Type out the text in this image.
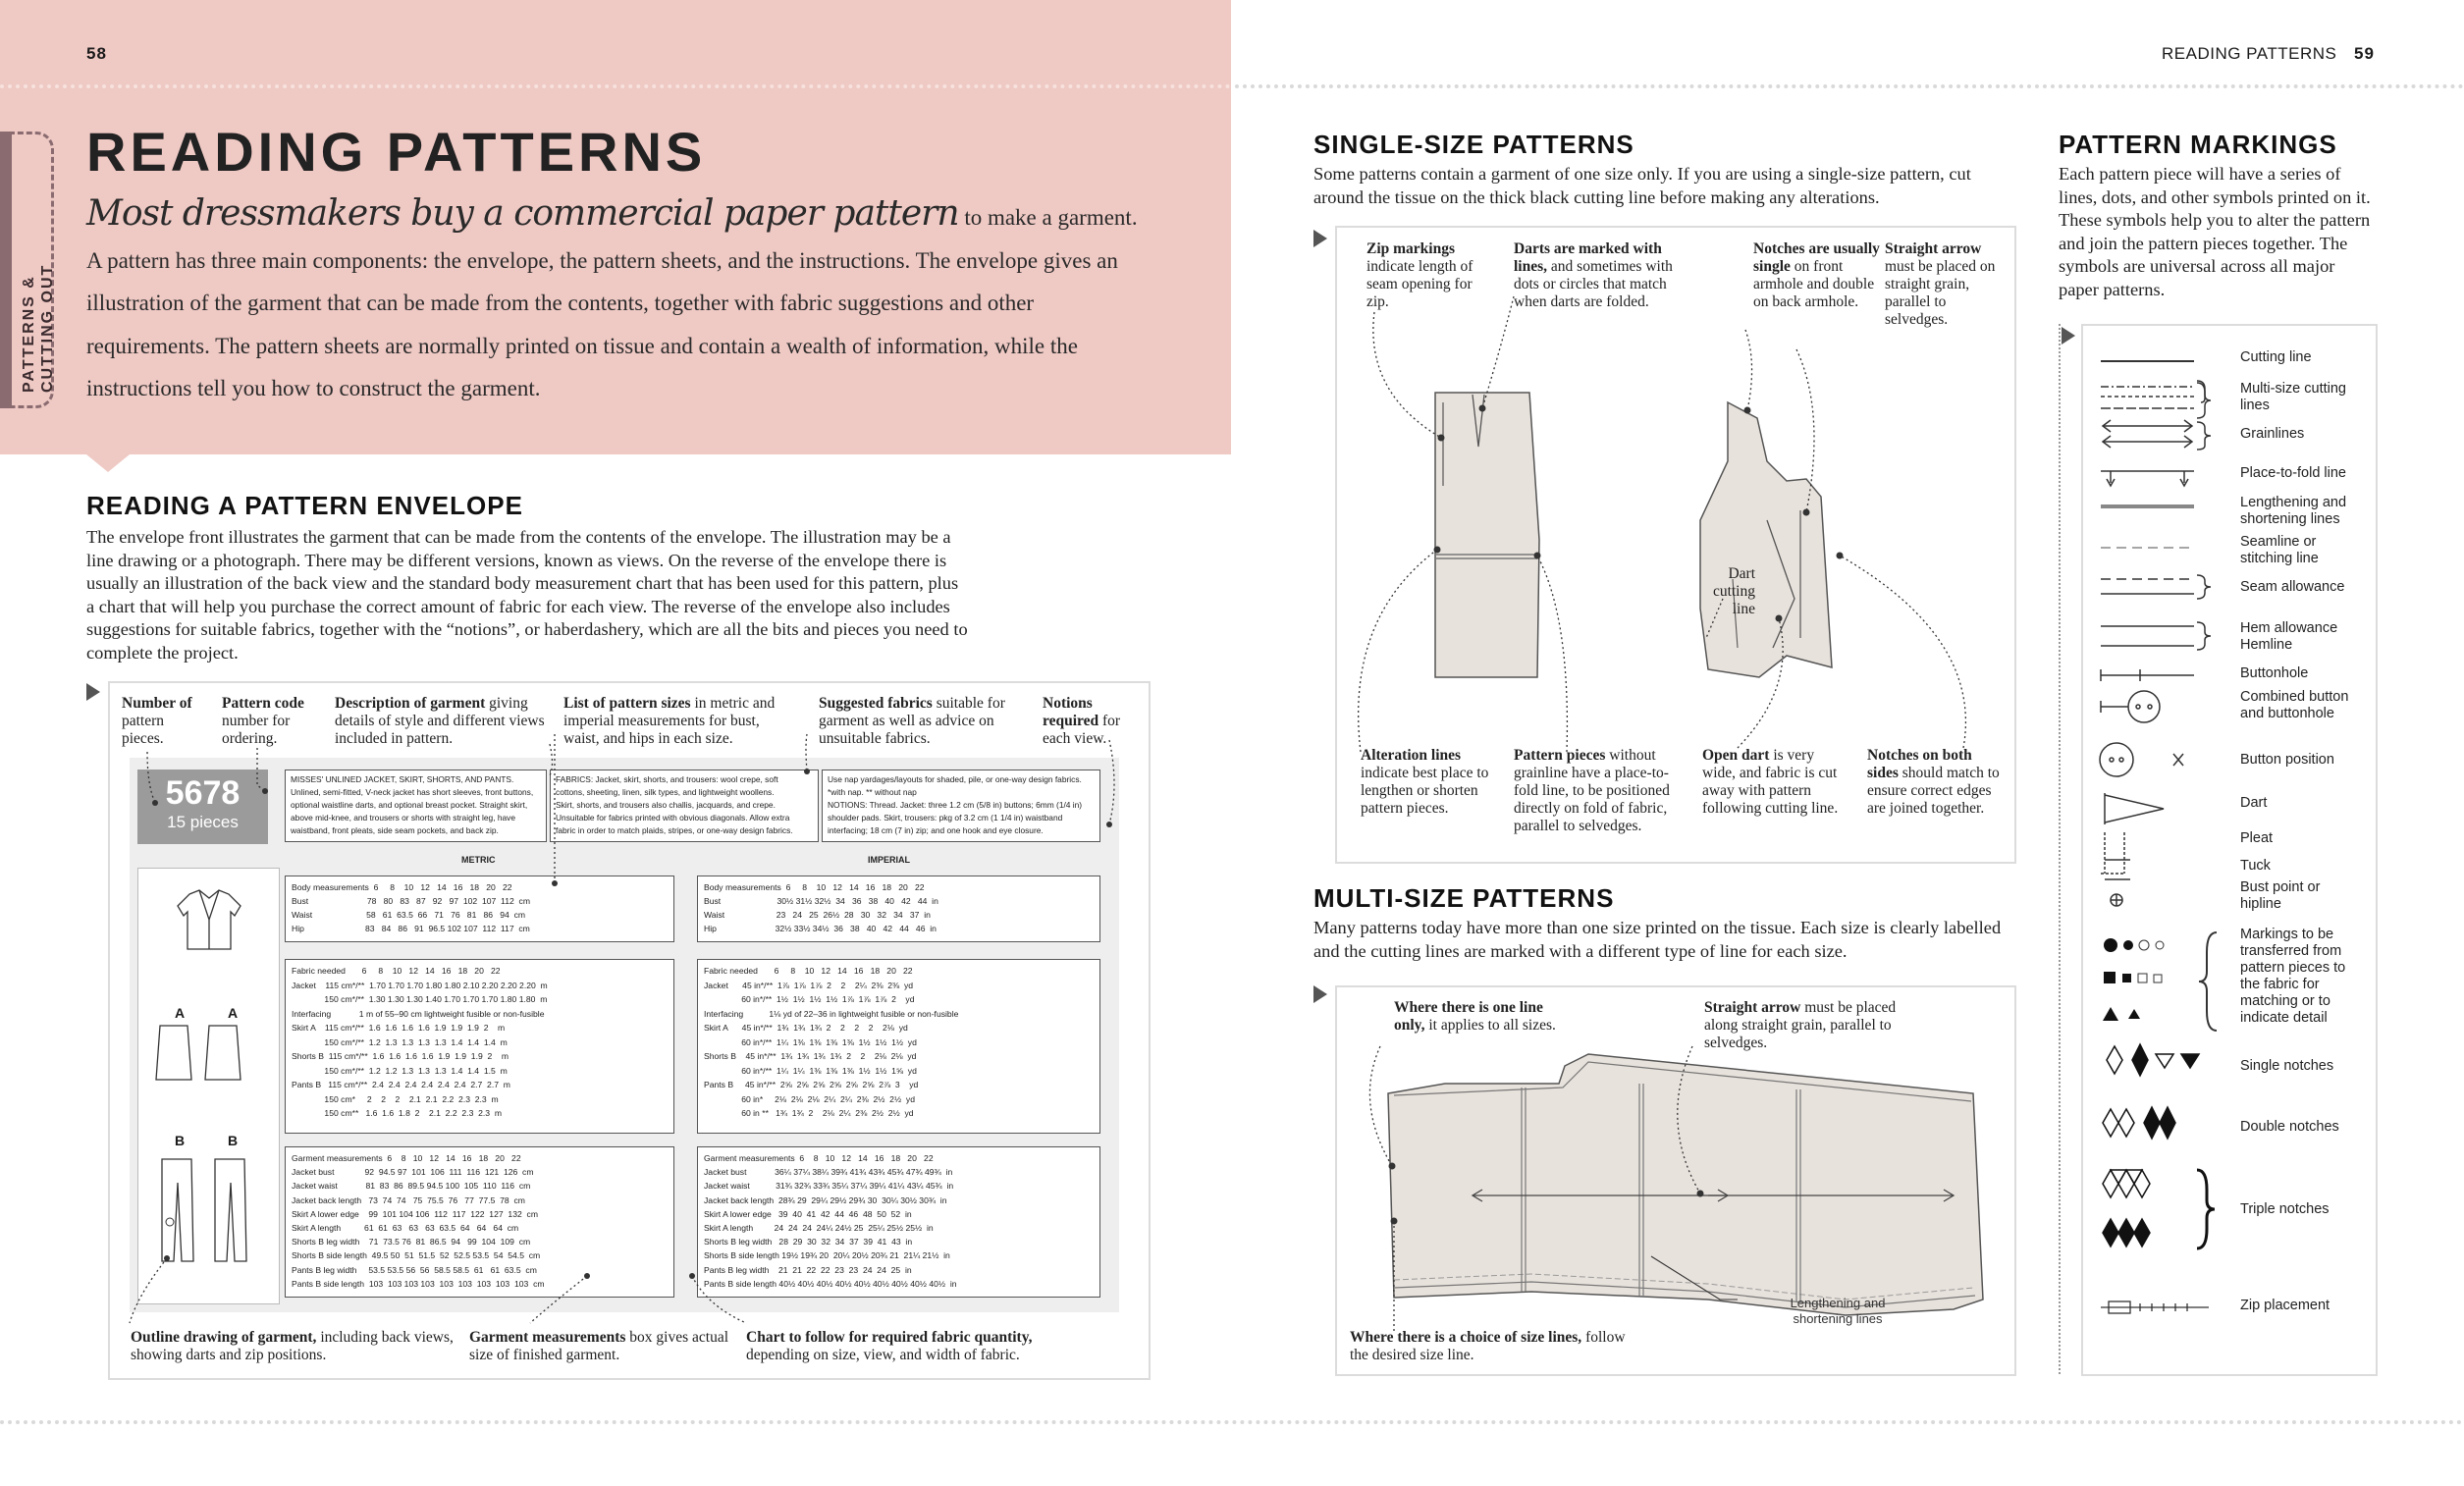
58
PATTERNS & CUTTING OUT
READING PATTERNS
Most dressmakers buy a commercial paper pattern to make a garment. A pattern has three main components: the envelope, the pattern sheets, and the instructions. The envelope gives an illustration of the garment that can be made from the contents, together with fabric suggestions and other requirements. The pattern sheets are normally printed on tissue and contain a wealth of information, while the instructions tell you how to construct the garment.
READING A PATTERN ENVELOPE
The envelope front illustrates the garment that can be made from the contents of the envelope. The illustration may be a line drawing or a photograph. There may be different versions, known as views. On the reverse of the envelope there is usually an illustration of the back view and the standard body measurement chart that has been used for this pattern, plus a chart that will help you purchase the correct amount of fabric for each view. The reverse of the envelope also includes suggestions for suitable fabrics, together with the “notions”, or haberdashery, which are all the bits and pieces you need to complete the project.
Number of pattern pieces.
Pattern code number for ordering.
Description of garment giving details of style and different views included in pattern.
List of pattern sizes in metric and imperial measurements for bust, waist, and hips in each size.
Suggested fabrics suitable for garment as well as advice on unsuitable fabrics.
Notions required for each view.
5678
15 pieces
MISSES' UNLINED JACKET, SKIRT, SHORTS, AND PANTS.
Unlined, semi-fitted, V-neck jacket has short sleeves, front buttons,
optional waistline darts, and optional breast pocket. Straight skirt,
above mid-knee, and trousers or shorts with straight leg, have
waistband, front pleats, side seam pockets, and back zip.
FABRICS: Jacket, skirt, shorts, and trousers: wool crepe, soft
cottons, sheeting, linen, silk types, and lightweight woollens.
Skirt, shorts, and trousers also challis, jacquards, and crepe.
Unsuitable for fabrics printed with obvious diagonals. Allow extra
fabric in order to match plaids, stripes, or one-way design fabrics.
Use nap yardages/layouts for shaded, pile, or one-way design fabrics.
*with nap. ** without nap
NOTIONS: Thread. Jacket: three 1.2 cm (5/8 in) buttons; 6mm (1/4 in)
shoulder pads. Skirt, trousers: pkg of 3.2 cm (1 1/4 in) waistband
interfacing; 18 cm (7 in) zip; and one hook and eye closure.
METRIC	IMPERIAL
A	A
B	B
Body measurements  6     8    10   12   14   16   18   20   22
Bust                         78   80   83   87   92   97  102  107  112  cm
Waist                       58   61  63.5  66   71   76   81   86   94  cm
Hip                          83   84   86   91  96.5 102 107  112  117  cm
Body measurements  6     8    10   12   14   16   18   20   22
Bust                        30½ 31½ 32½  34   36   38   40   42   44  in
Waist                      23   24   25  26½  28   30   32   34   37  in
Hip                         32½ 33½ 34½  36   38   40   42   44   46  in
Fabric needed       6     8    10   12   14   16   18   20   22
Jacket    115 cm*/**  1.70 1.70 1.70 1.80 1.80 2.10 2.20 2.20 2.20  m
150 cm*/**  1.30 1.30 1.30 1.40 1.70 1.70 1.70 1.80 1.80  m
Interfacing            1 m of 55–90 cm lightweight fusible or non-fusible
Skirt A    115 cm*/**  1.6  1.6  1.6  1.6  1.9  1.9  1.9  2    m
150 cm*/**  1.2  1.3  1.3  1.3  1.3  1.4  1.4  1.4  m
Shorts B  115 cm*/**  1.6  1.6  1.6  1.6  1.9  1.9  1.9  2    m
150 cm*/**  1.2  1.2  1.3  1.3  1.3  1.4  1.4  1.5  m
Pants B   115 cm*/**  2.4  2.4  2.4  2.4  2.4  2.4  2.7  2.7  m
150 cm*     2    2    2    2.1  2.1  2.2  2.3  2.3  m
150 cm**   1.6  1.6  1.8  2    2.1  2.2  2.3  2.3  m
Fabric needed       6     8    10   12   14   16   18   20   22
Jacket      45 in*/**  1⅞  1⅞  1⅞  2    2    2¼  2⅜  2⅜  yd
60 in*/**  1½  1½  1½  1½  1⅞  1⅞  1⅞  2    yd
Interfacing           1⅛ yd of 22–36 in lightweight fusible or non-fusible
Skirt A      45 in*/**  1¾  1¾  1¾  2    2    2    2    2⅛  yd
60 in*/**  1¼  1⅜  1⅜  1⅜  1⅜  1½  1½  1½  yd
Shorts B    45 in*/**  1¾  1¾  1¾  1¾  2    2    2⅛  2⅛  yd
60 in*/**  1¼  1¼  1⅜  1⅜  1⅜  1½  1½  1⅝  yd
Pants B     45 in*/**  2⅝  2⅝  2⅝  2⅝  2⅝  2⅝  2⅞  3    yd
60 in*     2⅛  2⅛  2⅛  2¼  2¼  2⅜  2½  2½  yd
60 in **   1¾  1¾  2    2⅛  2¼  2⅜  2½  2½  yd
Garment measurements  6    8   10   12   14   16   18   20   22
Jacket bust             92  94.5 97  101  106  111  116  121  126  cm
Jacket waist            81  83  86  89.5 94.5 100  105  110  116  cm
Jacket back length   73  74  74   75  75.5  76   77  77.5  78  cm
Skirt A lower edge    99  101 104 106  112  117  122  127  132  cm
Skirt A length          61  61  63   63   63  63.5  64   64   64  cm
Shorts B leg width    71  73.5 76  81  86.5  94   99  104  109  cm
Shorts B side length  49.5 50  51  51.5  52  52.5 53.5  54  54.5  cm
Pants B leg width     53.5 53.5 56  56  58.5 58.5  61   61  63.5  cm
Pants B side length  103  103 103 103  103  103  103  103  103  cm
Garment measurements  6    8   10   12   14   16   18   20   22
Jacket bust            36¼ 37¼ 38¼ 39¾ 41¾ 43¾ 45¾ 47¾ 49¾  in
Jacket waist           31¾ 32¾ 33¾ 35¼ 37¼ 39¼ 41¼ 43¼ 45¾  in
Jacket back length  28¾ 29  29¼ 29½ 29¾ 30  30¼ 30½ 30¾  in
Skirt A lower edge   39  40  41  42  44  46  48  50  52  in
Skirt A length         24  24  24  24¼ 24½ 25  25¼ 25½ 25½  in
Shorts B leg width   28  29  30  32  34  37  39  41  43  in
Shorts B side length 19½ 19¾ 20  20¼ 20½ 20¾ 21  21¼ 21½  in
Pants B leg width    21  21  22  22  23  23  24  24  25  in
Pants B side length 40½ 40½ 40½ 40½ 40½ 40½ 40½ 40½ 40½  in
Outline drawing of garment, including back views, showing darts and zip positions.
Garment measurements box gives actual size of finished garment.
Chart to follow for required fabric quantity, depending on size, view, and width of fabric.
READING PATTERNS 59
SINGLE-SIZE PATTERNS
Some patterns contain a garment of one size only. If you are using a single-size pattern, cut around the tissue on the thick black cutting line before making any alterations.
Zip markings indicate length of seam opening for zip.
Darts are marked with lines, and sometimes with dots or circles that match when darts are folded.
Notches are usually single on front armhole and double on back armhole.
Straight arrow must be placed on straight grain, parallel to selvedges.
Dart cutting line
Alteration lines indicate best place to lengthen or shorten pattern pieces.
Pattern pieces without grainline have a place-to-fold line, to be positioned directly on fold of fabric, parallel to selvedges.
Open dart is very wide, and fabric is cut away with pattern following cutting line.
Notches on both sides should match to ensure correct edges are joined together.
MULTI-SIZE PATTERNS
Many patterns today have more than one size printed on the tissue. Each size is clearly labelled and the cutting lines are marked with a different type of line for each size.
Where there is one line only, it applies to all sizes.
Straight arrow must be placed along straight grain, parallel to selvedges.
Lengthening and shortening lines
Where there is a choice of size lines, follow the desired size line.
PATTERN MARKINGS
Each pattern piece will have a series of lines, dots, and other symbols printed on it. These symbols help you to alter the pattern and join the pattern pieces together. The symbols are universal across all major paper patterns.
Cutting line
Multi-size cutting lines
Grainlines
Place-to-fold line
Lengthening and shortening lines
Seamline or stitching line
Seam allowance
Hem allowance Hemline
Buttonhole
Combined button and buttonhole
Button position
Dart
Pleat
Tuck
Bust point or hipline
Markings to be transferred from pattern pieces to the fabric for matching or to indicate detail
Single notches
Double notches
Triple notches
Zip placement
